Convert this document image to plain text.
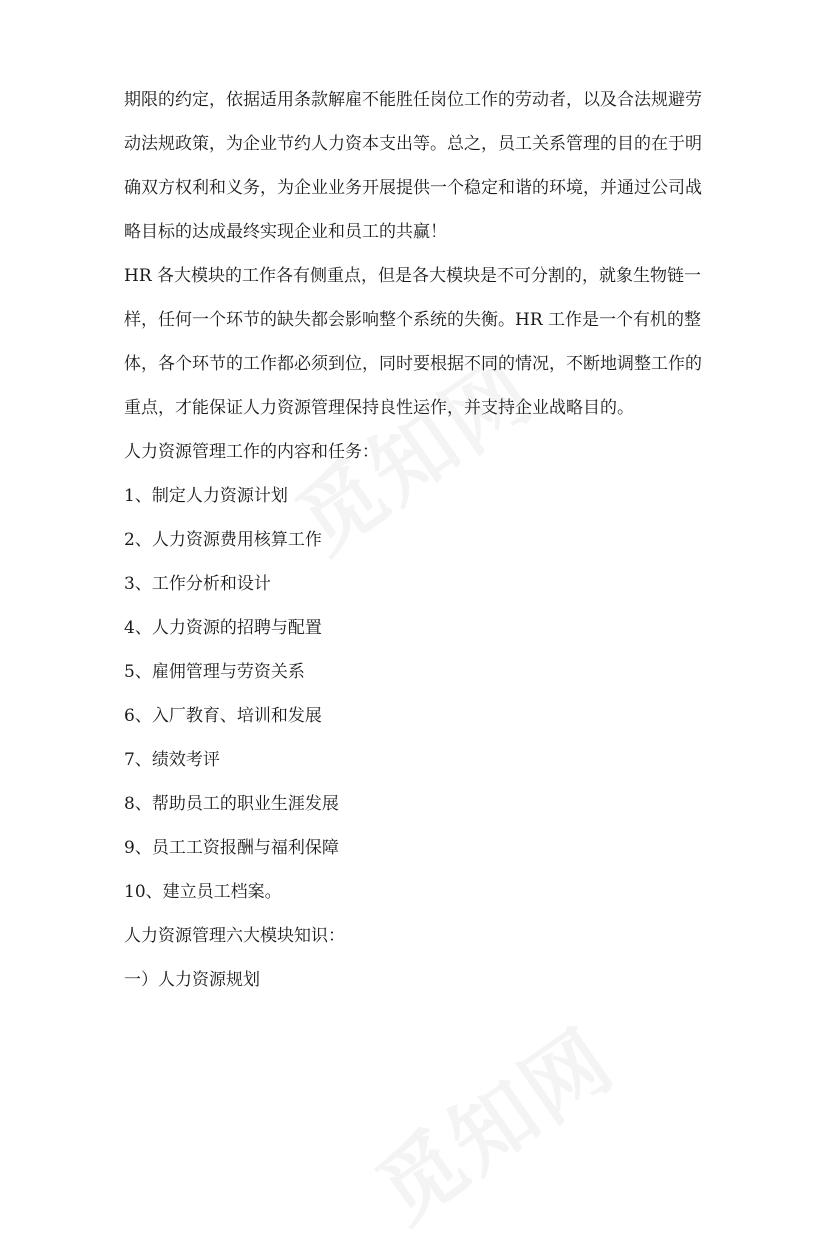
期限的约定，依据适用条款解雇不能胜任岗位工作的劳动者，以及合法规避劳

动法规政策，为企业节约人力资本支出等。总之，员工关系管理的目的在于明

确双方权利和义务，为企业业务开展提供一个稳定和谐的环境，并通过公司战

略目标的达成最终实现企业和员工的共赢！

HR 各大模块的工作各有侧重点，但是各大模块是不可分割的，就象生物链一

样，任何一个环节的缺失都会影响整个系统的失衡。HR 工作是一个有机的整

体，各个环节的工作都必须到位，同时要根据不同的情况，不断地调整工作的

重点，才能保证人力资源管理保持良性运作，并支持企业战略目的。

人力资源管理工作的内容和任务：

1、制定人力资源计划
2、人力资源费用核算工作
3、工作分析和设计
4、人力资源的招聘与配置
5、雇佣管理与劳资关系
6、入厂教育、培训和发展
7、绩效考评
8、帮助员工的职业生涯发展
9、员工工资报酬与福利保障
10、建立员工档案。

人力资源管理六大模块知识：

一）人力资源规划
